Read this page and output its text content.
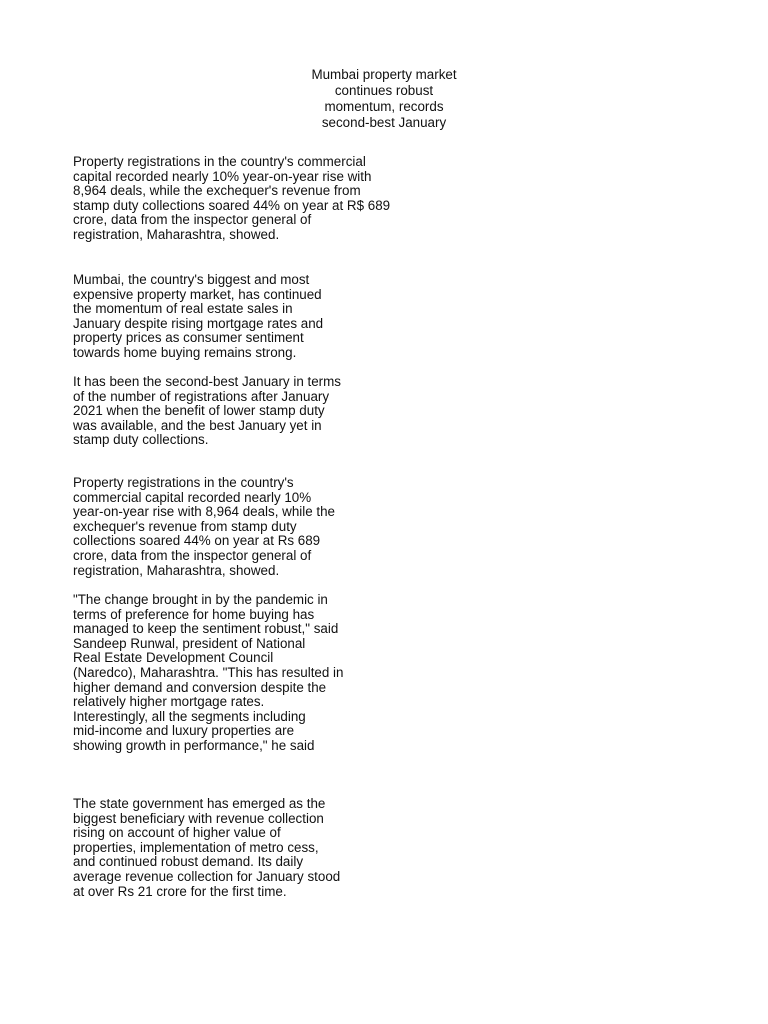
Mumbai property market
continues robust
momentum, records
second-best January
Property registrations in the country's commercial
capital recorded nearly 10% year-on-year rise with
8,964 deals, while the exchequer's revenue from
stamp duty collections soared 44% on year at R$ 689
crore, data from the inspector general of
registration, Maharashtra, showed.
Mumbai, the country's biggest and most
expensive property market, has continued
the momentum of real estate sales in
January despite rising mortgage rates and
property prices as consumer sentiment
towards home buying remains strong.
It has been the second-best January in terms
of the number of registrations after January
2021 when the benefit of lower stamp duty
was available, and the best January yet in
stamp duty collections.
Property registrations in the country's
commercial capital recorded nearly 10%
year-on-year rise with 8,964 deals, while the
exchequer's revenue from stamp duty
collections soared 44% on year at Rs 689
crore, data from the inspector general of
registration, Maharashtra, showed.
"The change brought in by the pandemic in
terms of preference for home buying has
managed to keep the sentiment robust," said
Sandeep Runwal, president of National
Real Estate Development Council
(Naredco), Maharashtra. "This has resulted in
higher demand and conversion despite the
relatively higher mortgage rates.
Interestingly, all the segments including
mid-income and luxury properties are
showing growth in performance," he said
The state government has emerged as the
biggest beneficiary with revenue collection
rising on account of higher value of
properties, implementation of metro cess,
and continued robust demand. Its daily
average revenue collection for January stood
at over Rs 21 crore for the first time.
